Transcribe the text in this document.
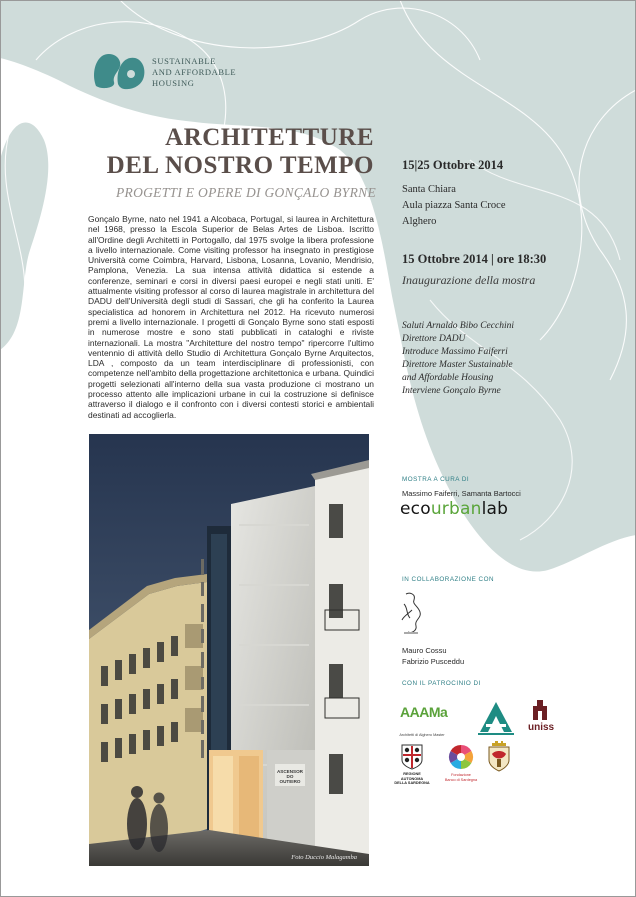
SUSTAINABLE
AND AFFORDABLE
HOUSING
ARCHITETTURE
DEL NOSTRO TEMPO
PROGETTI E OPERE DI GONÇALO BYRNE

Gonçalo Byrne, nato nel 1941 a Alcobaca, Portugal, si laurea in Architettura nel 1968, presso la Escola Superior de Belas Artes de Lisboa. Iscritto all'Ordine degli Architetti in Portogallo, dal 1975 svolge la libera professione a livello internazionale. Come visiting professor ha insegnato in prestigiose Università come Coimbra, Harvard, Lisbona, Losanna, Lovanio, Mendrisio, Pamplona, Venezia. La sua intensa attività didattica si estende a conferenze, seminari e corsi in diversi paesi europei e negli stati uniti. E' attualmente visiting professor al corso di laurea magistrale in architettura del DADU dell'Università degli studi di Sassari, che gli ha conferito la Laurea specialistica ad honorem in Architettura nel 2012. Ha ricevuto numerosi premi a livello internazionale. I progetti di Gonçalo Byrne sono stati esposti in numerose mostre e sono stati pubblicati in cataloghi e riviste internazionali. La mostra "Architetture del nostro tempo" ripercorre l'ultimo ventennio di attività dello Studio di Architettura Gonçalo Byrne Arquitectos, LDA , composto da un team interdisciplinare di professionisti, con competenze nell'ambito della progettazione architettonica e urbana. Quindici progetti selezionati all'interno della sua vasta produzione ci mostrano un processo attento alle implicazioni urbane in cui la costruzione si definisce attraverso il dialogo e il confronto con i diversi contesti storici e ambientali destinati ad accoglierla.

ASCENSOR
DO
OUTEIRO
Foto Duccio Malagamba
15|25 Ottobre 2014
Santa Chiara
Aula piazza Santa Croce
Alghero
15 Ottobre 2014 | ore 18:30
Inaugurazione della mostra
Saluti Arnaldo Bibo Cecchini
Direttore DADU
Introduce Massimo Faiferri
Direttore Master Sustainable
and Affordable Housing
Interviene Gonçalo Byrne
MOSTRA A CURA DI
Massimo Faiferri, Samanta Bartocci
ecourbanlab
IN COLLABORAZIONE CON
Mauro Cossu
Fabrizio Pusceddu
CON IL PATROCINIO DI
AAAMa
Architetti di Alghero Master
uniss
REGIONE AUTONOMA
DELLA SARDEGNA
Fondazione
Banco di Sardegna
